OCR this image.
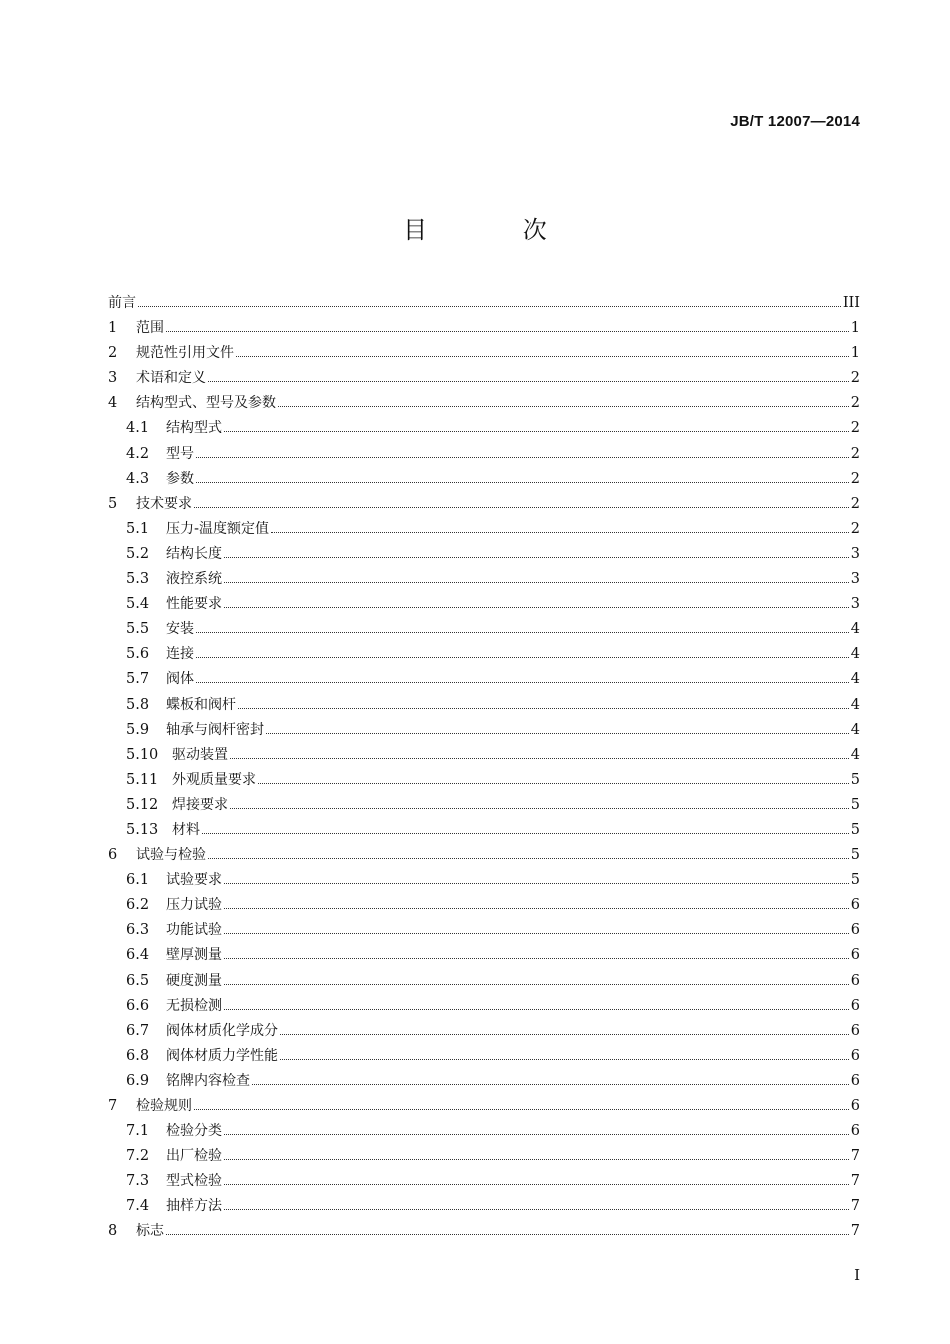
JB/T 12007—2014
目 次
前言	III
1	范围	1
2	规范性引用文件	1
3	术语和定义	2
4	结构型式、型号及参数	2
4.1	结构型式	2
4.2	型号	2
4.3	参数	2
5	技术要求	2
5.1	压力-温度额定值	2
5.2	结构长度	3
5.3	液控系统	3
5.4	性能要求	3
5.5	安装	4
5.6	连接	4
5.7	阀体	4
5.8	蝶板和阀杆	4
5.9	轴承与阀杆密封	4
5.10 驱动装置	4
5.11 外观质量要求	5
5.12 焊接要求	5
5.13 材料	5
6	试验与检验	5
6.1	试验要求	5
6.2	压力试验	6
6.3	功能试验	6
6.4	壁厚测量	6
6.5	硬度测量	6
6.6	无损检测	6
6.7	阀体材质化学成分	6
6.8	阀体材质力学性能	6
6.9	铭牌内容检查	6
7	检验规则	6
7.1	检验分类	6
7.2	出厂检验	7
7.3	型式检验	7
7.4	抽样方法	7
8	标志	7
I
